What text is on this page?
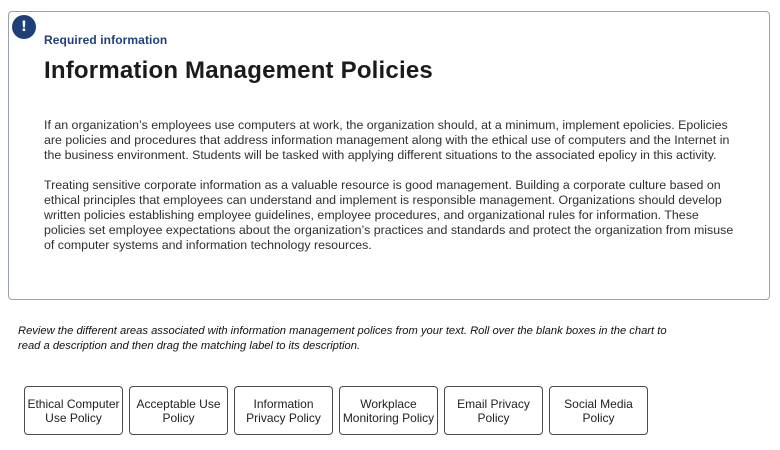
!
Required information
Information Management Policies

If an organization’s employees use computers at work, the organization should, at a minimum, implement epolicies. Epolicies are policies and procedures that address information management along with the ethical use of computers and the Internet in the business environment. Students will be tasked with applying different situations to the associated epolicy in this activity.

Treating sensitive corporate information as a valuable resource is good management. Building a corporate culture based on ethical principles that employees can understand and implement is responsible management. Organizations should develop written policies establishing employee guidelines, employee procedures, and organizational rules for information. These policies set employee expectations about the organization’s practices and standards and protect the organization from misuse of computer systems and information technology resources.

Review the different areas associated with information management polices from your text. Roll over the blank boxes in the chart to read a description and then drag the matching label to its description.

Ethical Computer Use Policy
Acceptable Use Policy
Information Privacy Policy
Workplace Monitoring Policy
Email Privacy Policy
Social Media Policy
